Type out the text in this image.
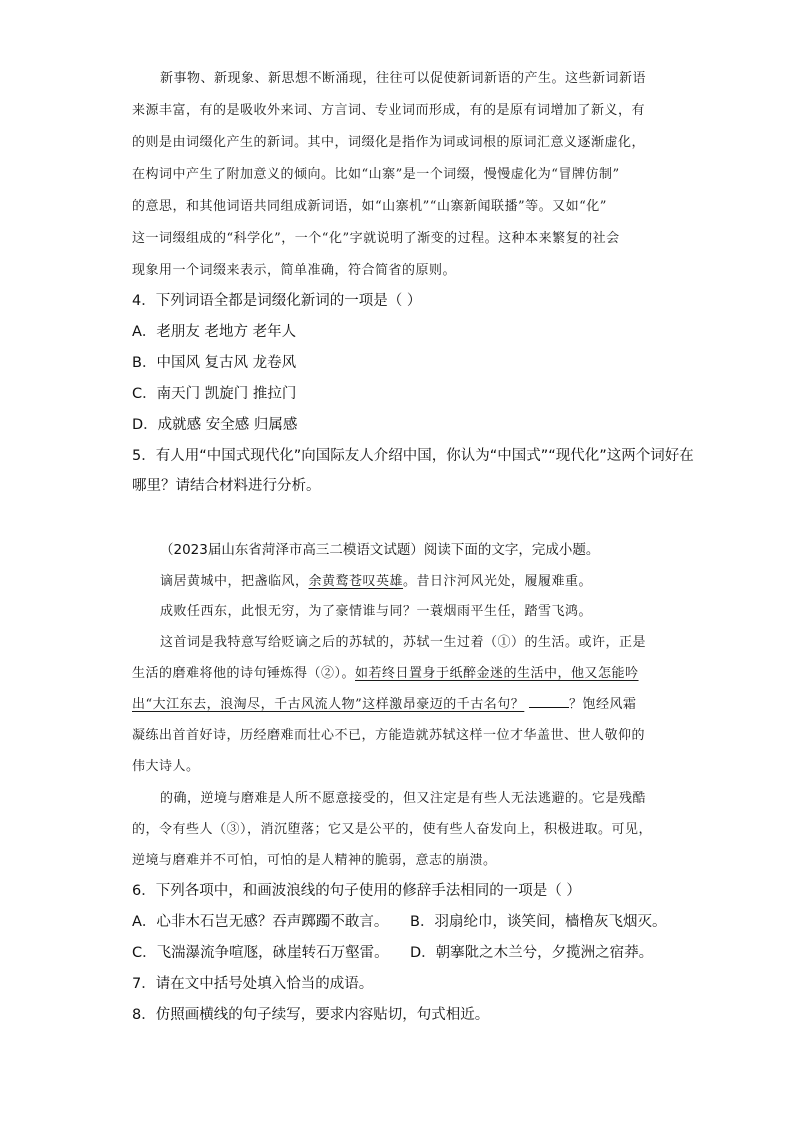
新事物、新现象、新思想不断涌现，往往可以促使新词新语的产生。这些新词新语
来源丰富，有的是吸收外来词、方言词、专业词而形成，有的是原有词增加了新义，有
的则是由词缀化产生的新词。其中，词缀化是指作为词或词根的原词汇意义逐渐虚化，
在构词中产生了附加意义的倾向。比如“山寨”是一个词缀，慢慢虚化为“冒牌仿制”
的意思，和其他词语共同组成新词语，如“山寨机”“山寨新闻联播”等。又如“化”
这一词缀组成的“科学化”，一个“化”字就说明了渐变的过程。这种本来繁复的社会
现象用一个词缀来表示，简单准确，符合简省的原则。
4．下列词语全都是词缀化新词的一项是（ ）
A．老朋友 老地方 老年人
B．中国风 复古风 龙卷风
C．南天门 凯旋门 推拉门
D．成就感 安全感 归属感
5．有人用“中国式现代化”向国际友人介绍中国，你认为“中国式”“现代化”这两个词好在
哪里？请结合材料进行分析。
（2023届山东省菏泽市高三二模语文试题）阅读下面的文字，完成小题。
谪居黄城中，把盏临风，余黄鹜苍叹英雄。昔日汴河风光处，履履难重。
成败任西东，此恨无穷，为了豪情谁与同？一蓑烟雨平生任，踏雪飞鸿。
这首词是我特意写给贬谪之后的苏轼的，苏轼一生过着（①）的生活。或许，正是
生活的磨难将他的诗句锤炼得（②）。如若终日置身于纸醉金迷的生活中，他又怎能吟
出“大江东去，浪淘尽，千古风流人物”这样激昂豪迈的千古名句？	？饱经风霜
凝练出首首好诗，历经磨难而壮心不已，方能造就苏轼这样一位才华盖世、世人敬仰的
伟大诗人。
的确，逆境与磨难是人所不愿意接受的，但又注定是有些人无法逃避的。它是残酷
的，令有些人（③），消沉堕落；它又是公平的，使有些人奋发向上，积极进取。可见，
逆境与磨难并不可怕，可怕的是人精神的脆弱，意志的崩溃。
6．下列各项中，和画波浪线的句子使用的修辞手法相同的一项是（ ）
A．心非木石岂无感？吞声踯躅不敢言。 B．羽扇纶巾，谈笑间，樯橹灰飞烟灭。
C．飞湍瀑流争喧豗，砯崖转石万壑雷。 D．朝搴阰之木兰兮，夕揽洲之宿莽。
7．请在文中括号处填入恰当的成语。
8．仿照画横线的句子续写，要求内容贴切，句式相近。
